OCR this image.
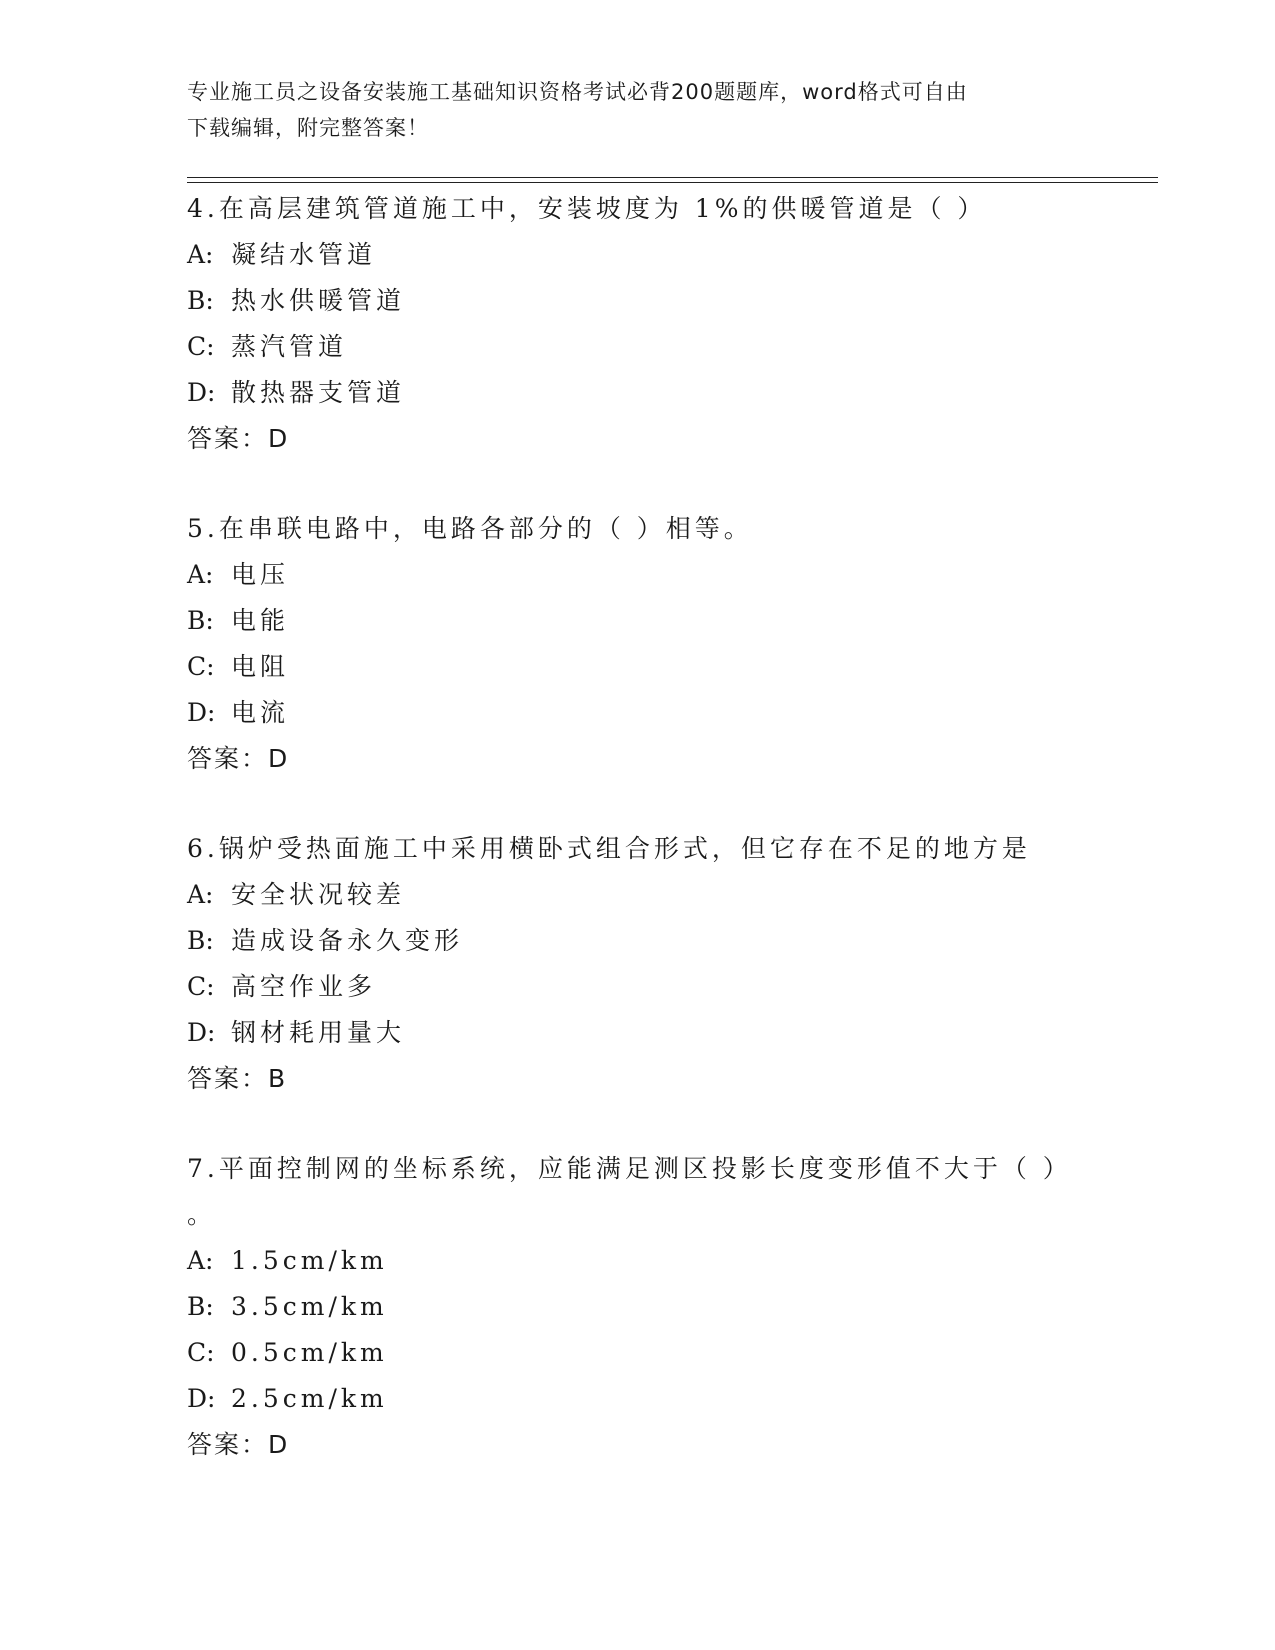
专业施工员之设备安装施工基础知识资格考试必背200题题库，word格式可自由
下载编辑，附完整答案！
4.在高层建筑管道施工中，安装坡度为 1%的供暖管道是（ ）
A: 凝结水管道
B: 热水供暖管道
C: 蒸汽管道
D: 散热器支管道
答案：D
5.在串联电路中，电路各部分的（ ）相等。
A: 电压
B: 电能
C: 电阻
D: 电流
答案：D
6.锅炉受热面施工中采用横卧式组合形式，但它存在不足的地方是
A: 安全状况较差
B: 造成设备永久变形
C: 高空作业多
D: 钢材耗用量大
答案：B
7.平面控制网的坐标系统，应能满足测区投影长度变形值不大于（ ）
。
A: 1.5cm/km
B: 3.5cm/km
C: 0.5cm/km
D: 2.5cm/km
答案：D
